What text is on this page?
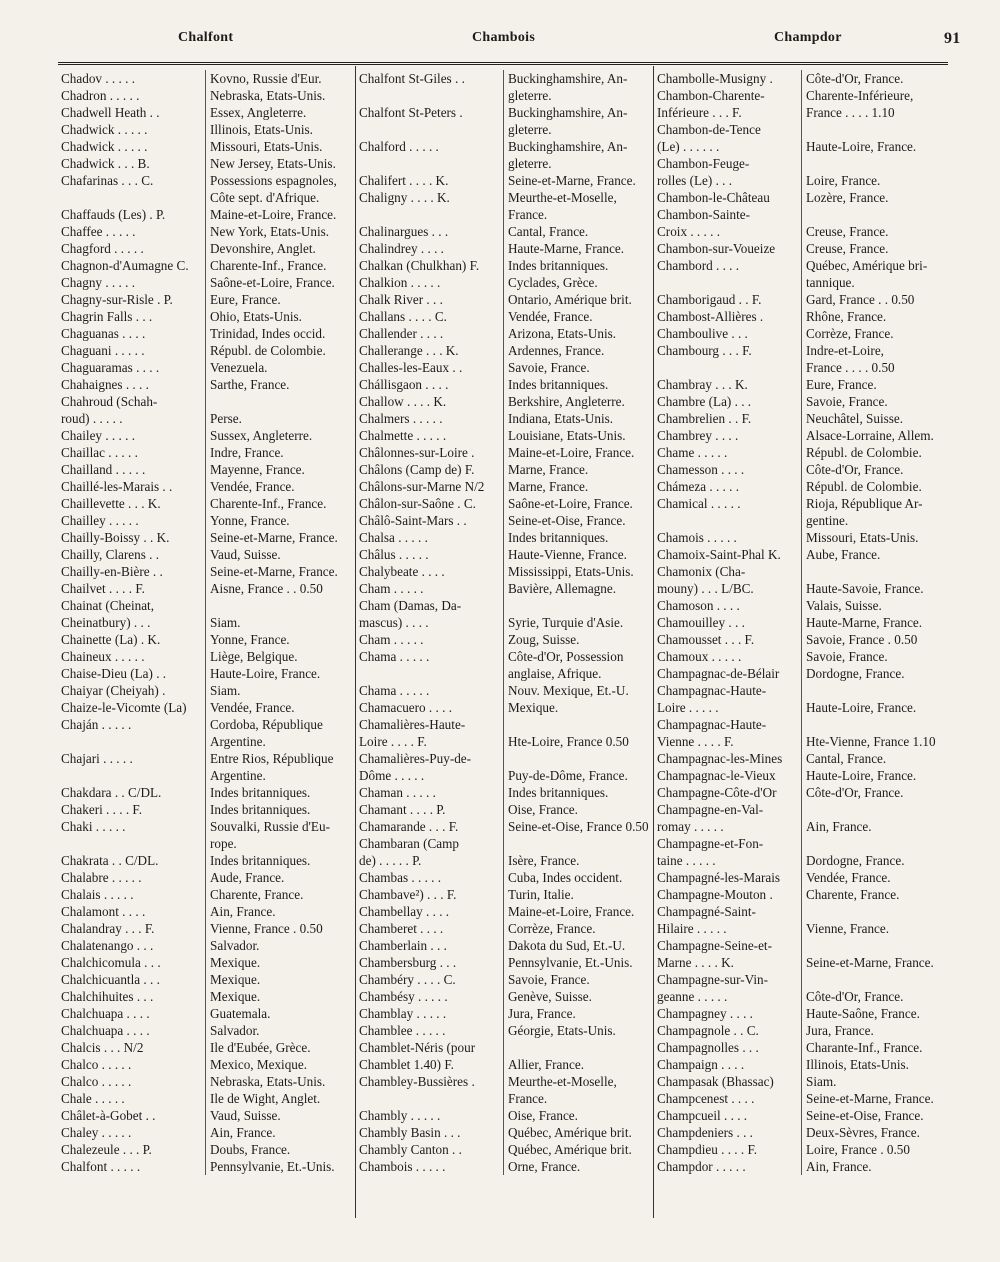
Chalfont	Chambois	Champdor	91
Chadov . . . . .	Kovno, Russie d'Eur.
Chadron . . . . .	Nebraska, Etats-Unis.
Chadwell Heath . .	Essex, Angleterre.
Chadwick . . . . .	Illinois, Etats-Unis.
Chadwick . . . . .	Missouri, Etats-Unis.
Chadwick . . . B.	New Jersey, Etats-Unis.
Chafarinas . . . C.	Possessions espagnoles,
Côte sept. d'Afrique.
Chaffauds (Les) . P.	Maine-et-Loire, France.
Chaffee . . . . .	New York, Etats-Unis.
Chagford . . . . .	Devonshire, Anglet.
Chagnon-d'Aumagne C.	Charente-Inf., France.
Chagny . . . . .	Saône-et-Loire, France.
Chagny-sur-Risle . P.	Eure, France.
Chagrin Falls . . .	Ohio, Etats-Unis.
Chaguanas . . . .	Trinidad, Indes occid.
Chaguani . . . . .	Républ. de Colombie.
Chaguaramas . . . .	Venezuela.
Chahaignes . . . .	Sarthe, France.
Chahroud (Schah-
roud) . . . . .	Perse.
Chailey . . . . .	Sussex, Angleterre.
Chaillac . . . . .	Indre, France.
Chailland . . . . .	Mayenne, France.
Chaillé-les-Marais . .	Vendée, France.
Chaillevette . . . K.	Charente-Inf., France.
Chailley . . . . .	Yonne, France.
Chailly-Boissy . . K.	Seine-et-Marne, France.
Chailly, Clarens . .	Vaud, Suisse.
Chailly-en-Bière . .	Seine-et-Marne, France.
Chailvet . . . . F.	Aisne, France . . 0.50
Chainat (Cheinat,
Cheinatbury) . . .	Siam.
Chainette (La) . K.	Yonne, France.
Chaineux . . . . .	Liège, Belgique.
Chaise-Dieu (La) . .	Haute-Loire, France.
Chaiyar (Cheiyah) .	Siam.
Chaize-le-Vicomte (La)	Vendée, France.
Chaján . . . . .	Cordoba, République
Argentine.
Chajari . . . . .	Entre Rios, République
Argentine.
Chakdara . . C/DL.	Indes britanniques.
Chakeri . . . . F.	Indes britanniques.
Chaki . . . . .	Souvalki, Russie d'Eu-
rope.
Chakrata . . C/DL.	Indes britanniques.
Chalabre . . . . .	Aude, France.
Chalais . . . . .	Charente, France.
Chalamont . . . .	Ain, France.
Chalandray . . . F.	Vienne, France . 0.50
Chalatenango . . .	Salvador.
Chalchicomula . . .	Mexique.
Chalchicuantla . . .	Mexique.
Chalchihuites . . .	Mexique.
Chalchuapa . . . .	Guatemala.
Chalchuapa . . . .	Salvador.
Chalcis . . . N/2	Ile d'Eubée, Grèce.
Chalco . . . . .	Mexico, Mexique.
Chalco . . . . .	Nebraska, Etats-Unis.
Chale . . . . .	Ile de Wight, Anglet.
Châlet-à-Gobet . .	Vaud, Suisse.
Chaley . . . . .	Ain, France.
Chalezeule . . . P.	Doubs, France.
Chalfont . . . . .	Pennsylvanie, Et.-Unis.
Chalfont St-Giles . .	Buckinghamshire, An-
gleterre.
Chalfont St-Peters .	Buckinghamshire, An-
gleterre.
Chalford . . . . .	Buckinghamshire, An-
gleterre.
Chalifert . . . . K.	Seine-et-Marne, France.
Chaligny . . . . K.	Meurthe-et-Moselle,
France.
Chalinargues . . .	Cantal, France.
Chalindrey . . . .	Haute-Marne, France.
Chalkan (Chulkhan) F.	Indes britanniques.
Chalkion . . . . .	Cyclades, Grèce.
Chalk River . . .	Ontario, Amérique brit.
Challans . . . . C.	Vendée, France.
Challender . . . .	Arizona, Etats-Unis.
Challerange . . . K.	Ardennes, France.
Challes-les-Eaux . .	Savoie, France.
Chállisgaon . . . .	Indes britanniques.
Challow . . . . K.	Berkshire, Angleterre.
Chalmers . . . . .	Indiana, Etats-Unis.
Chalmette . . . . .	Louisiane, Etats-Unis.
Châlonnes-sur-Loire .	Maine-et-Loire, France.
Châlons (Camp de) F.	Marne, France.
Châlons-sur-Marne N/2	Marne, France.
Châlon-sur-Saône . C.	Saône-et-Loire, France.
Châlô-Saint-Mars . .	Seine-et-Oise, France.
Chalsa . . . . .	Indes britanniques.
Châlus . . . . .	Haute-Vienne, France.
Chalybeate . . . .	Mississippi, Etats-Unis.
Cham . . . . .	Bavière, Allemagne.
Cham (Damas, Da-
mascus) . . . .	Syrie, Turquie d'Asie.
Cham . . . . .	Zoug, Suisse.
Chama . . . . .	Côte-d'Or, Possession
anglaise, Afrique.
Chama . . . . .	Nouv. Mexique, Et.-U.
Chamacuero . . . .	Mexique.
Chamalières-Haute-
Loire . . . . F.	Hte-Loire, France 0.50
Chamalières-Puy-de-
Dôme . . . . .	Puy-de-Dôme, France.
Chaman . . . . .	Indes britanniques.
Chamant . . . . P.	Oise, France.
Chamarande . . . F.	Seine-et-Oise, France 0.50
Chambaran (Camp
de) . . . . . P.	Isère, France.
Chambas . . . . .	Cuba, Indes occident.
Chambave²) . . . F.	Turin, Italie.
Chambellay . . . .	Maine-et-Loire, France.
Chamberet . . . .	Corrèze, France.
Chamberlain . . .	Dakota du Sud, Et.-U.
Chambersburg . . .	Pennsylvanie, Et.-Unis.
Chambéry . . . . C.	Savoie, France.
Chambésy . . . . .	Genève, Suisse.
Chamblay . . . . .	Jura, France.
Chamblee . . . . .	Géorgie, Etats-Unis.
Chamblet-Néris (pour
Chamblet 1.40) F.	Allier, France.
Chambley-Bussières .	Meurthe-et-Moselle,
France.
Chambly . . . . .	Oise, France.
Chambly Basin . . .	Québec, Amérique brit.
Chambly Canton . .	Québec, Amérique brit.
Chambois . . . . .	Orne, France.
Chambolle-Musigny .	Côte-d'Or, France.
Chambon-Charente-	Charente-Inférieure,
Inférieure . . . F.	France . . . . 1.10
Chambon-de-Tence
(Le) . . . . . .	Haute-Loire, France.
Chambon-Feuge-
rolles (Le) . . .	Loire, France.
Chambon-le-Château	Lozère, France.
Chambon-Sainte-
Croix . . . . .	Creuse, France.
Chambon-sur-Voueize	Creuse, France.
Chambord . . . .	Québec, Amérique bri-
tannique.
Chamborigaud . . F.	Gard, France . . 0.50
Chambost-Allières .	Rhône, France.
Chamboulive . . .	Corrèze, France.
Chambourg . . . F.	Indre-et-Loire,
France . . . . 0.50
Chambray . . . K.	Eure, France.
Chambre (La) . . .	Savoie, France.
Chambrelien . . F.	Neuchâtel, Suisse.
Chambrey . . . .	Alsace-Lorraine, Allem.
Chame . . . . .	Républ. de Colombie.
Chamesson . . . .	Côte-d'Or, France.
Chámeza . . . . .	Républ. de Colombie.
Chamical . . . . .	Rioja, République Ar-
gentine.
Chamois . . . . .	Missouri, Etats-Unis.
Chamoix-Saint-Phal K.	Aube, France.
Chamonix (Cha-
mouny) . . . L/BC.	Haute-Savoie, France.
Chamoson . . . .	Valais, Suisse.
Chamouilley . . .	Haute-Marne, France.
Chamousset . . . F.	Savoie, France . 0.50
Chamoux . . . . .	Savoie, France.
Champagnac-de-Bélair	Dordogne, France.
Champagnac-Haute-
Loire . . . . .	Haute-Loire, France.
Champagnac-Haute-
Vienne . . . . F.	Hte-Vienne, France 1.10
Champagnac-les-Mines	Cantal, France.
Champagnac-le-Vieux	Haute-Loire, France.
Champagne-Côte-d'Or	Côte-d'Or, France.
Champagne-en-Val-
romay . . . . .	Ain, France.
Champagne-et-Fon-
taine . . . . .	Dordogne, France.
Champagné-les-Marais	Vendée, France.
Champagne-Mouton .	Charente, France.
Champagné-Saint-
Hilaire . . . . .	Vienne, France.
Champagne-Seine-et-
Marne . . . . K.	Seine-et-Marne, France.
Champagne-sur-Vin-
geanne . . . . .	Côte-d'Or, France.
Champagney . . . .	Haute-Saône, France.
Champagnole . . C.	Jura, France.
Champagnolles . . .	Charante-Inf., France.
Champaign . . . .	Illinois, Etats-Unis.
Champasak (Bhassac)	Siam.
Champcenest . . . .	Seine-et-Marne, France.
Champcueil . . . .	Seine-et-Oise, France.
Champdeniers . . .	Deux-Sèvres, France.
Champdieu . . . . F.	Loire, France . 0.50
Champdor . . . . .	Ain, France.
